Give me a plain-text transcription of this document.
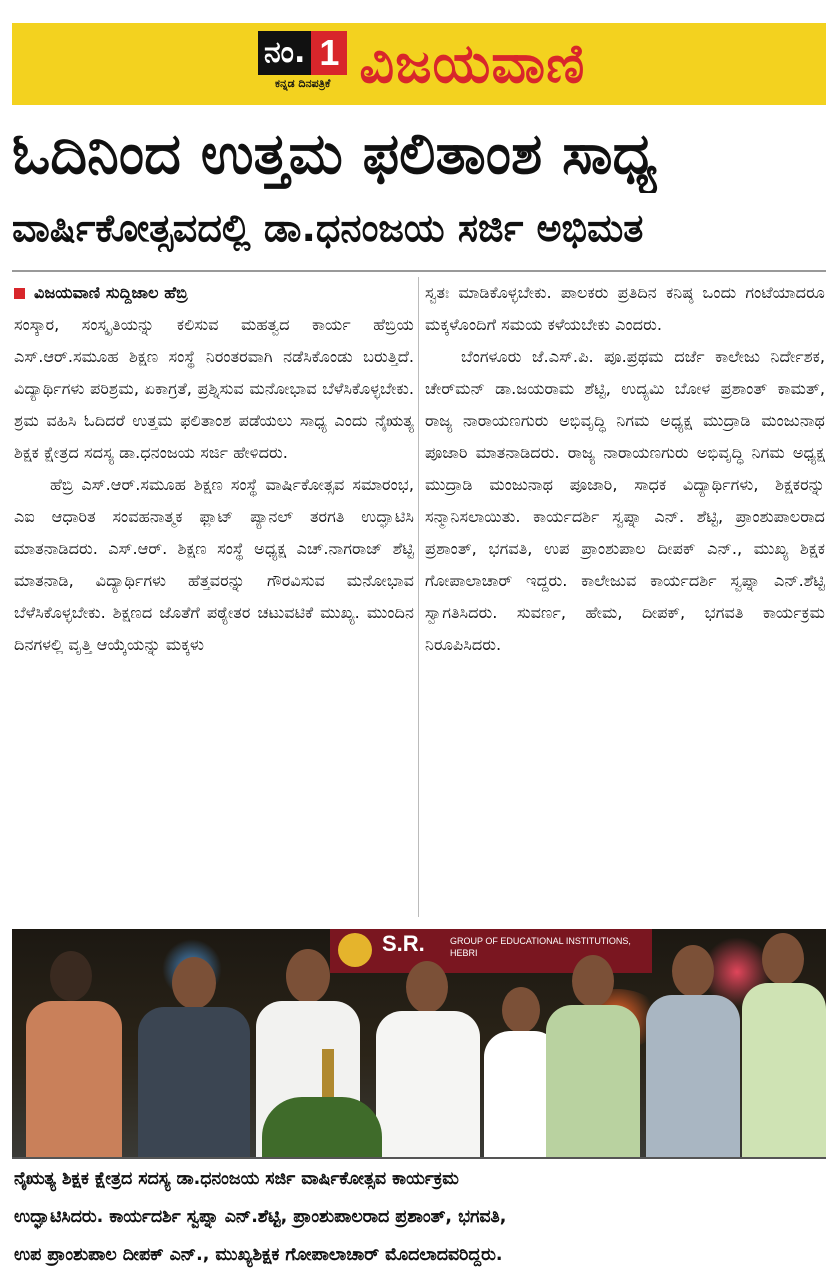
ನಂ. 1
ಕನ್ನಡ ದಿನಪತ್ರಿಕೆ ವಿಜಯವಾಣಿ
ಓದಿನಿಂದ ಉತ್ತಮ ಫಲಿತಾಂಶ ಸಾಧ್ಯ
ವಾರ್ಷಿಕೋತ್ಸವದಲ್ಲಿ ಡಾ.ಧನಂಜಯ ಸರ್ಜಿ ಅಭಿಮತ
ವಿಜಯವಾಣಿ ಸುದ್ದಿಜಾಲ ಹೆಬ್ರಿ

ಸಂಸ್ಕಾರ, ಸಂಸ್ಕೃತಿಯನ್ನು ಕಲಿಸುವ ಮಹತ್ವದ ಕಾರ್ಯ ಹೆಬ್ರಿಯ ಎಸ್.ಆರ್.ಸಮೂಹ ಶಿಕ್ಷಣ ಸಂಸ್ಥೆ ನಿರಂತರವಾಗಿ ನಡೆಸಿಕೊಂಡು ಬರುತ್ತಿದೆ. ವಿದ್ಯಾರ್ಥಿಗಳು ಪರಿಶ್ರಮ, ಏಕಾಗ್ರತೆ, ಪ್ರಶ್ನಿಸುವ ಮನೋಭಾವ ಬೆಳೆಸಿಕೊಳ್ಳಬೇಕು. ಶ್ರಮ ವಹಿಸಿ ಓದಿದರೆ ಉತ್ತಮ ಫಲಿತಾಂಶ ಪಡೆಯಲು ಸಾಧ್ಯ ಎಂದು ನೈಋತ್ಯ ಶಿಕ್ಷಕ ಕ್ಷೇತ್ರದ ಸದಸ್ಯ ಡಾ.ಧನಂಜಯ ಸರ್ಜಿ ಹೇಳಿದರು.

ಹೆಬ್ರಿ ಎಸ್.ಆರ್.ಸಮೂಹ ಶಿಕ್ಷಣ ಸಂಸ್ಥೆ ವಾರ್ಷಿಕೋತ್ಸವ ಸಮಾರಂಭ, ಎಐ ಆಧಾರಿತ ಸಂವಹನಾತ್ಮಕ ಫ್ಲಾಟ್ ಪ್ಯಾನಲ್ ತರಗತಿ ಉದ್ಘಾಟಿಸಿ ಮಾತನಾಡಿದರು. ಎಸ್.ಆರ್. ಶಿಕ್ಷಣ ಸಂಸ್ಥೆ ಅಧ್ಯಕ್ಷ ಎಚ್.ನಾಗರಾಜ್ ಶೆಟ್ಟಿ ಮಾತನಾಡಿ, ವಿದ್ಯಾರ್ಥಿಗಳು ಹೆತ್ತವರನ್ನು ಗೌರವಿಸುವ ಮನೋಭಾವ ಬೆಳೆಸಿಕೊಳ್ಳಬೇಕು. ಶಿಕ್ಷಣದ ಜೊತೆಗೆ ಪಠ್ಯೇತರ ಚಟುವಟಿಕೆ ಮುಖ್ಯ. ಮುಂದಿನ ದಿನಗಳಲ್ಲಿ ವೃತ್ತಿ ಆಯ್ಕೆಯನ್ನು ಮಕ್ಕಳು

ಸ್ವತಃ ಮಾಡಿಕೊಳ್ಳಬೇಕು. ಪಾಲಕರು ಪ್ರತಿದಿನ ಕನಿಷ್ಠ ಒಂದು ಗಂಟೆಯಾದರೂ ಮಕ್ಕಳೊಂದಿಗೆ ಸಮಯ ಕಳೆಯಬೇಕು ಎಂದರು.

ಬೆಂಗಳೂರು ಜೆ.ಎಸ್.ಪಿ. ಪೂ.ಪ್ರಥಮ ದರ್ಜೆ ಕಾಲೇಜು ನಿರ್ದೇಶಕ, ಚೇರ್‌ಮನ್ ಡಾ.ಜಯರಾಮ ಶೆಟ್ಟಿ, ಉದ್ಯಮಿ ಬೋಳ ಪ್ರಶಾಂತ್ ಕಾಮತ್, ರಾಜ್ಯ ನಾರಾಯಣಗುರು ಅಭಿವೃದ್ಧಿ ನಿಗಮ ಅಧ್ಯಕ್ಷ ಮುದ್ರಾಡಿ ಮಂಜುನಾಥ ಪೂಜಾರಿ ಮಾತನಾಡಿದರು. ರಾಜ್ಯ ನಾರಾಯಣಗುರು ಅಭಿವೃದ್ಧಿ ನಿಗಮ ಅಧ್ಯಕ್ಷ ಮುದ್ರಾಡಿ ಮಂಜುನಾಥ ಪೂಜಾರಿ, ಸಾಧಕ ವಿದ್ಯಾರ್ಥಿಗಳು, ಶಿಕ್ಷಕರನ್ನು ಸನ್ಮಾನಿಸಲಾಯಿತು. ಕಾರ್ಯದರ್ಶಿ ಸ್ವಪ್ನಾ ಎನ್. ಶೆಟ್ಟಿ, ಪ್ರಾಂಶುಪಾಲರಾದ ಪ್ರಶಾಂತ್, ಭಗವತಿ, ಉಪ ಪ್ರಾಂಶುಪಾಲ ದೀಪಕ್ ಎನ್., ಮುಖ್ಯ ಶಿಕ್ಷಕ ಗೋಪಾಲಾಚಾರ್ ಇದ್ದರು. ಕಾಲೇಜುವ ಕಾರ್ಯದರ್ಶಿ ಸ್ವಪ್ನಾ ಎನ್.ಶೆಟ್ಟಿ ಸ್ವಾಗತಿಸಿದರು. ಸುವರ್ಣ, ಹೇಮ, ದೀಪಕ್, ಭಗವತಿ ಕಾರ್ಯಕ್ರಮ ನಿರೂಪಿಸಿದರು.

S.R.	GROUP OF EDUCATIONAL INSTITUTIONS, HEBRI

ನೈಋತ್ಯ ಶಿಕ್ಷಕ ಕ್ಷೇತ್ರದ ಸದಸ್ಯ ಡಾ.ಧನಂಜಯ ಸರ್ಜಿ ವಾರ್ಷಿಕೋತ್ಸವ ಕಾರ್ಯಕ್ರಮ

ಉದ್ಘಾಟಿಸಿದರು. ಕಾರ್ಯದರ್ಶಿ ಸ್ವಪ್ನಾ ಎನ್.ಶೆಟ್ಟಿ, ಪ್ರಾಂಶುಪಾಲರಾದ ಪ್ರಶಾಂತ್, ಭಗವತಿ,

ಉಪ ಪ್ರಾಂಶುಪಾಲ ದೀಪಕ್ ಎನ್., ಮುಖ್ಯಶಿಕ್ಷಕ ಗೋಪಾಲಾಚಾರ್ ಮೊದಲಾದವರಿದ್ದರು.
